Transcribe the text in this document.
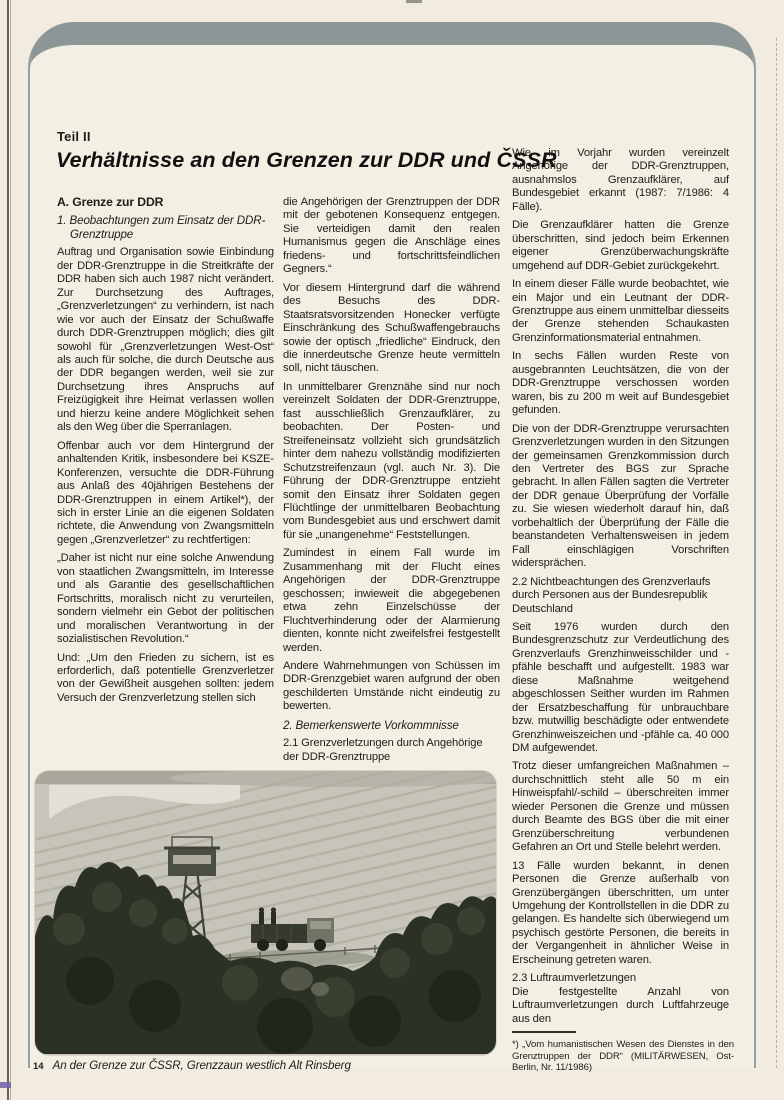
Teil II
Verhältnisse an den Grenzen zur DDR und ČSSR

A. Grenze zur DDR

1. Beobachtungen zum Einsatz der DDR-Grenztruppe

Auftrag und Organisation sowie Einbindung der DDR-Grenztruppe in die Streitkräfte der DDR haben sich auch 1987 nicht verändert. Zur Durchsetzung des Auftrages, „Grenzverletzungen“ zu verhindern, ist nach wie vor auch der Einsatz der Schußwaffe durch DDR-Grenztruppen möglich; dies gilt sowohl für „Grenzverletzungen West-Ost“ als auch für solche, die durch Deutsche aus der DDR begangen werden, weil sie zur Durchsetzung ihres Anspruchs auf Freizügigkeit ihre Heimat verlassen wollen und hierzu keine andere Möglichkeit sehen als den Weg über die Sperranlagen.

Offenbar auch vor dem Hintergrund der anhaltenden Kritik, insbesondere bei KSZE-Konferenzen, versuchte die DDR-Führung aus Anlaß des 40jährigen Bestehens der DDR-Grenztruppen in einem Artikel*), der sich in erster Linie an die eigenen Soldaten richtete, die Anwendung von Zwangsmitteln gegen „Grenzverletzer“ zu rechtfertigen:

„Daher ist nicht nur eine solche Anwendung von staatlichen Zwangsmitteln, im Interesse und als Garantie des gesellschaftlichen Fortschritts, moralisch nicht zu verurteilen, sondern vielmehr ein Gebot der politischen und moralischen Verantwortung in der sozialistischen Revolution.“

Und: „Um den Frieden zu sichern, ist es erforderlich, daß potentielle Grenzverletzer von der Gewißheit ausgehen sollten: jedem Versuch der Grenzverletzung stellen sich

die Angehörigen der Grenztruppen der DDR mit der gebotenen Konsequenz entgegen. Sie verteidigen damit den realen Humanismus gegen die Anschläge eines friedens- und fortschrittsfeindlichen Gegners.“

Vor diesem Hintergrund darf die während des Besuchs des DDR-Staatsratsvorsitzenden Honecker verfügte Einschränkung des Schußwaffengebrauchs sowie der optisch „friedliche“ Eindruck, den die innerdeutsche Grenze heute vermitteln soll, nicht täuschen.

In unmittelbarer Grenznähe sind nur noch vereinzelt Soldaten der DDR-Grenztruppe, fast ausschließlich Grenzaufklärer, zu beobachten. Der Posten- und Streifeneinsatz vollzieht sich grundsätzlich hinter dem nahezu vollständig modifizierten Schutzstreifenzaun (vgl. auch Nr. 3). Die Führung der DDR-Grenztruppe entzieht somit den Einsatz ihrer Soldaten gegen Flüchtlinge der unmittelbaren Beobachtung vom Bundesgebiet aus und erschwert damit für sie „unangenehme“ Feststellungen.

Zumindest in einem Fall wurde im Zusammenhang mit der Flucht eines Angehörigen der DDR-Grenztruppe geschossen; inwieweit die abgegebenen etwa zehn Einzelschüsse der Fluchtverhinderung oder der Alarmierung dienten, konnte nicht zweifelsfrei festgestellt werden.

Andere Wahrnehmungen von Schüssen im DDR-Grenzgebiet waren aufgrund der oben geschilderten Umstände nicht eindeutig zu bewerten.

2. Bemerkenswerte Vorkommnisse

2.1 Grenzverletzungen durch Angehörige der DDR-Grenztruppe

Wie im Vorjahr wurden vereinzelt Angehörige der DDR-Grenztruppen, ausnahmslos Grenzaufklärer, auf Bundesgebiet erkannt (1987: 7/1986: 4 Fälle).

Die Grenzaufklärer hatten die Grenze überschritten, sind jedoch beim Erkennen eigener Grenzüberwachungskräfte umgehend auf DDR-Gebiet zurückgekehrt.

In einem dieser Fälle wurde beobachtet, wie ein Major und ein Leutnant der DDR-Grenztruppe aus einem unmittelbar diesseits der Grenze stehenden Schaukasten Grenzinformationsmaterial entnahmen.

In sechs Fällen wurden Reste von ausgebrannten Leuchtsätzen, die von der DDR-Grenztruppe verschossen worden waren, bis zu 200 m weit auf Bundesgebiet gefunden.

Die von der DDR-Grenztruppe verursachten Grenzverletzungen wurden in den Sitzungen der gemeinsamen Grenzkommission durch den Vertreter des BGS zur Sprache gebracht. In allen Fällen sagten die Vertreter der DDR genaue Überprüfung der Vorfälle zu. Sie wiesen wiederholt darauf hin, daß vorbehaltlich der Überprüfung der Fälle die beanstandeten Verhaltensweisen in jedem Fall einschlägigen Vorschriften widersprächen.

2.2 Nichtbeachtungen des Grenzverlaufs durch Personen aus der Bundesrepublik Deutschland

Seit 1976 wurden durch den Bundesgrenzschutz zur Verdeutlichung des Grenzverlaufs Grenzhinweisschilder und -pfähle beschafft und aufgestellt. 1983 war diese Maßnahme weitgehend abgeschlossen Seither wurden im Rahmen der Ersatzbeschaffung für unbrauchbare bzw. mutwillig beschädigte oder entwendete Grenzhinweiszeichen und -pfähle ca. 40 000 DM aufgewendet.

Trotz dieser umfangreichen Maßnahmen – durchschnittlich steht alle 50 m ein Hinweispfahl/-schild – überschreiten immer wieder Personen die Grenze und müssen durch Beamte des BGS über die mit einer Grenzüberschreitung verbundenen Gefahren an Ort und Stelle belehrt werden.

13 Fälle wurden bekannt, in denen Personen die Grenze außerhalb von Grenzübergängen überschritten, um unter Umgehung der Kontrollstellen in die DDR zu gelangen. Es handelte sich überwiegend um psychisch gestörte Personen, die bereits in der Vergangenheit in ähnlicher Weise in Erscheinung getreten waren.

2.3 Luftraumverletzungen

Die festgestellte Anzahl von Luftraumverletzungen durch Luftfahrzeuge aus den

14 An der Grenze zur ČSSR, Grenzzaun westlich Alt Rinsberg
*) „Vom humanistischen Wesen des Dienstes in den Grenztruppen der DDR“ (MILITÄRWESEN, Ost-Berlin, Nr. 11/1986)
